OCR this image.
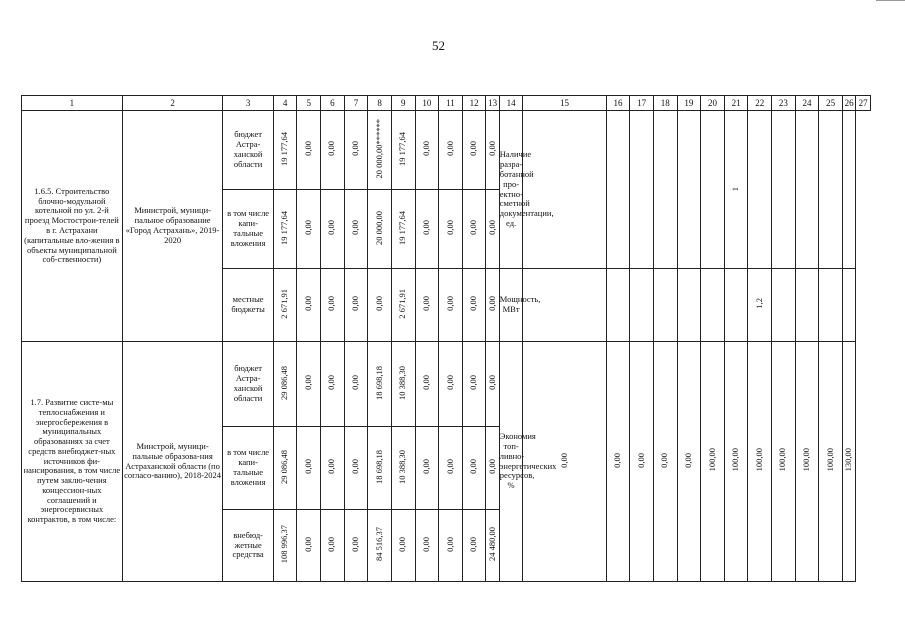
52
1	2	3	4	5	6	7	8	9	10	11	12	13	14	15	16	17	18	19	20	21	22	23	24	25	26	27
1.6.5. Строительство блочно-модульной котельной по ул. 2-й проезд Мостострои-телей в г. Астрахани (капитальные вло-жения в объекты муниципальной соб-ственности)	Министрой, муници-пальное образование «Город Астрахань», 2019-2020	бюджет Астра-ханской области	19 177,64	0,00	0,00	0,00	20 000,00******	19 177,64	0,00	0,00	0,00	0,00	Наличие разра-ботанной про-ектно-сметной документации, ед.							1						
		в том числе капи-тальные вложения	19 177,64	0,00	0,00	0,00	20 000,00	19 177,64	0,00	0,00	0,00	0,00														
		местные бюджеты	2 671,91	0,00	0,00	0,00	0,00	2 671,91	0,00	0,00	0,00	0,00	Мощность, МВт								1,2					
1.7. Развитие систе-мы теплоснабжения и энергосбережения в муниципальных образованиях за счет средств внебюджет-ных источников фи-нансирования, в том числе путем заклю-чения концессион-ных соглашений и энергосервисных контрактов, в том числе:	Минстрой, муници-пальные образова-ния Астраханской области (по согласо-ванию), 2018-2024	бюджет Астра-ханской области	29 086,48	0,00	0,00	0,00	18 698,18	10 388,30	0,00	0,00	0,00	0,00	Экономия топ-ливно-энергетических ресурсов, %	0,00	0,00	0,00	0,00	0,00	100,00	100,00	100,00	100,00	100,00	100,00	130,00	
		в том числе капи-тальные вложения	29 086,48	0,00	0,00	0,00	18 698,18	10 388,30	0,00	0,00	0,00	0,00														
		внебюд-жетные средства	108 996,37	0,00	0,00	0,00	84 516,37	0,00	0,00	0,00	0,00	24 480,00														
